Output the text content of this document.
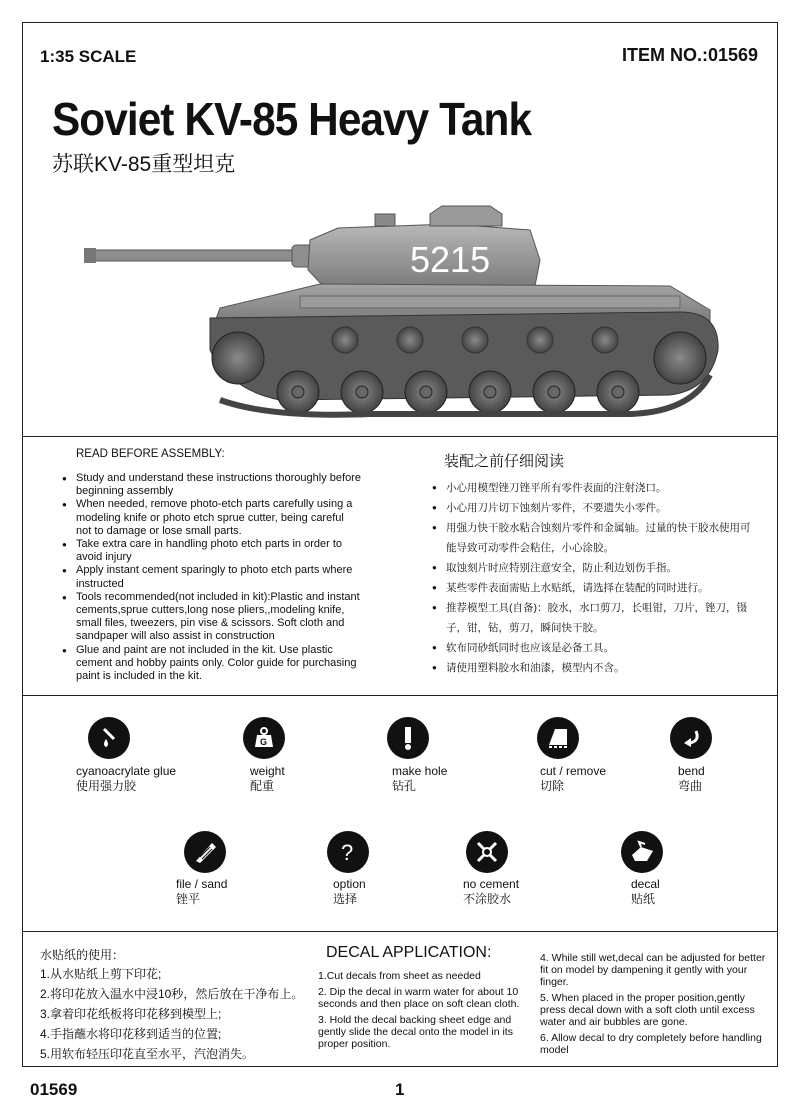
1:35 SCALE	ITEM NO.:01569
Soviet KV-85 Heavy Tank
苏联KV-85重型坦克
5215
READ BEFORE ASSEMBLY:	装配之前仔细阅读
● Study and understand these instructions thoroughly before beginning assembly
● When needed, remove photo-etch parts carefully using a modeling knife or photo etch sprue cutter, being careful not to damage or lose small parts.
● Take extra care in handling photo etch parts in order to avoid injury
● Apply instant cement sparingly to photo etch parts where instructed
● Tools recommended(not included in kit):Plastic and instant cements,sprue cutters,long nose pliers,,modeling knife, small files, tweezers, pin vise & scissors. Soft cloth and sandpaper will also assist in construction
● Glue and paint are not included in the kit. Use plastic cement and hobby paints only. Color guide for purchasing paint is included in the kit.
● 小心用模型锉刀锉平所有零件表面的注射浇口。
● 小心用刀片切下蚀刻片零件，不要遗失小零件。
● 用强力快干胶水粘合蚀刻片零件和金属轴。过量的快干胶水使用可能导致可动零件会粘住，小心涂胶。
● 取蚀刻片时应特别注意安全，防止利边划伤手指。
● 某些零件表面需贴上水贴纸，请选择在装配的同时进行。
● 推荐模型工具(自备)：胶水，水口剪刀，长咀钳，刀片，锉刀，镊子，钳，钻，剪刀，瞬间快干胶。
● 软布同砂纸同时也应该是必备工具。
● 请使用塑料胶水和油漆，模型内不含。
cyanoacrylate glue
使用强力胶
G
weight
配重
make hole
钻孔
cut / remove
切除
bend
弯曲
file / sand
锉平
?
option
选择
no cement
不涂胶水
decal
贴纸
水贴纸的使用：
1.从水贴纸上剪下印花;
2.将印花放入温水中浸10秒，然后放在干净布上。
3.拿着印花纸板将印花移到模型上;
4.手指蘸水将印花移到适当的位置;
5.用软布轻压印花直至水平，汽泡消失。
DECAL APPLICATION:

1.Cut decals from sheet as needed

2. Dip the decal in warm water for about 10 seconds and then place on soft clean cloth.

3. Hold the decal backing sheet edge and gently slide the decal onto the model in its proper position.

4. While still wet,decal can be adjusted for better fit on model by dampening it gently with your finger.

5. When placed in the proper position,gently press decal down with a soft cloth until excess water and air bubbles are gone.

6. Allow decal to dry completely before handling model

01569	1
